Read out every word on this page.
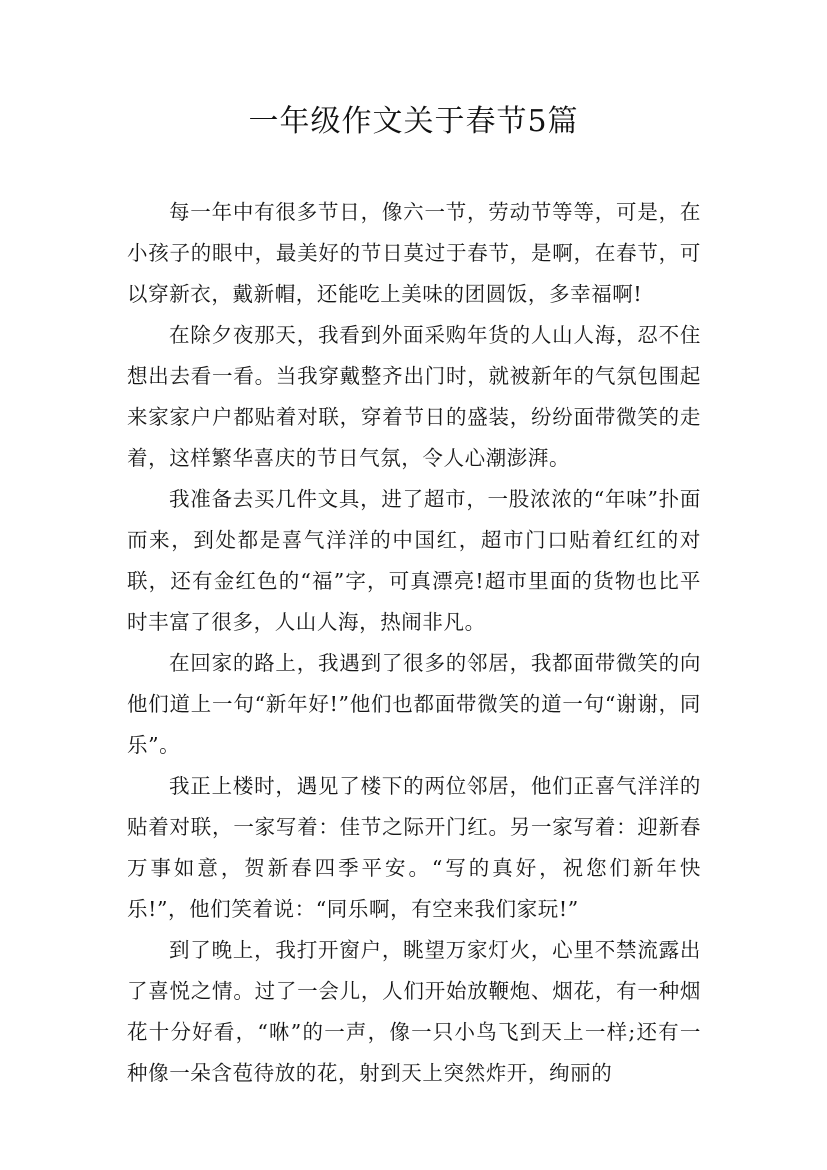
一年级作文关于春节5篇

每一年中有很多节日，像六一节，劳动节等等，可是，在小孩子的眼中，最美好的节日莫过于春节，是啊，在春节，可以穿新衣，戴新帽，还能吃上美味的团圆饭，多幸福啊!

在除夕夜那天，我看到外面采购年货的人山人海，忍不住想出去看一看。当我穿戴整齐出门时，就被新年的气氛包围起来家家户户都贴着对联，穿着节日的盛装，纷纷面带微笑的走着，这样繁华喜庆的节日气氛，令人心潮澎湃。

我准备去买几件文具，进了超市，一股浓浓的“年味”扑面而来，到处都是喜气洋洋的中国红，超市门口贴着红红的对联，还有金红色的“福”字，可真漂亮!超市里面的货物也比平时丰富了很多，人山人海，热闹非凡。

在回家的路上，我遇到了很多的邻居，我都面带微笑的向他们道上一句“新年好!”他们也都面带微笑的道一句“谢谢，同乐”。

我正上楼时，遇见了楼下的两位邻居，他们正喜气洋洋的贴着对联，一家写着：佳节之际开门红。另一家写着：迎新春万事如意，贺新春四季平安。“写的真好，祝您们新年快乐!”，他们笑着说：“同乐啊，有空来我们家玩!”

到了晚上，我打开窗户，眺望万家灯火，心里不禁流露出了喜悦之情。过了一会儿，人们开始放鞭炮、烟花，有一种烟花十分好看，“咻”的一声，像一只小鸟飞到天上一样;还有一种像一朵含苞待放的花，射到天上突然炸开，绚丽的
